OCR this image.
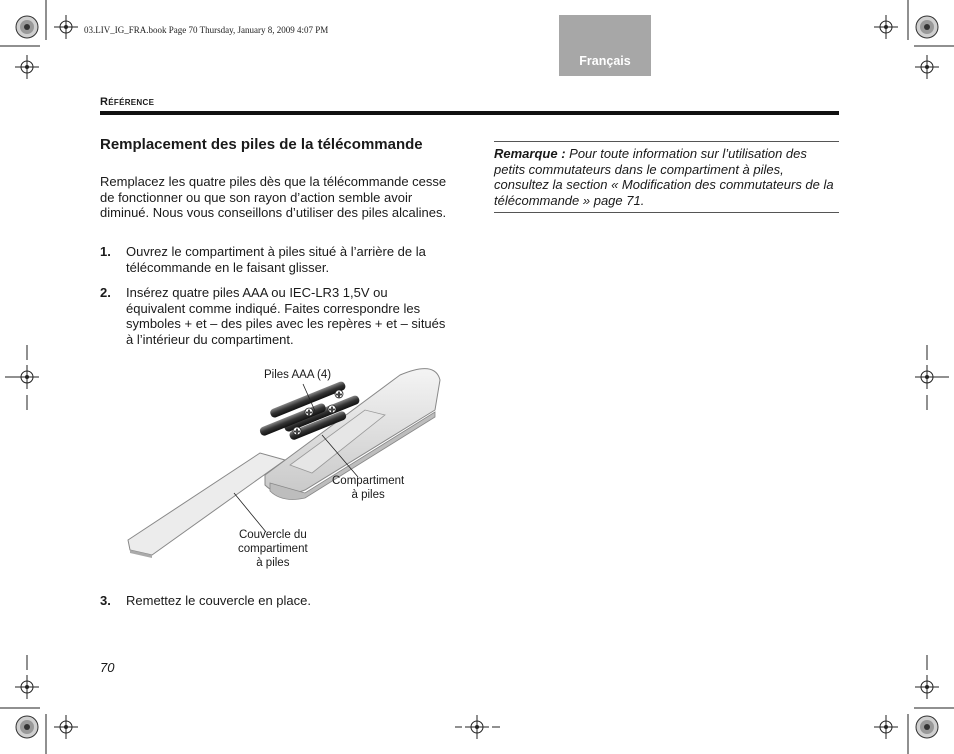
03.LIV_IG_FRA.book Page 70 Thursday, January 8, 2009 4:07 PM
Français
Référence
Remplacement des piles de la télécommande
Remplacez les quatre piles dès que la télécommande cesse de fonctionner ou que son rayon d’action semble avoir diminué. Nous vous conseillons d’utiliser des piles alcalines.
1. Ouvrez le compartiment à piles situé à l’arrière de la télécommande en le faisant glisser.
2. Insérez quatre piles AAA ou IEC-LR3 1,5V ou équivalent comme indiqué. Faites correspondre les symboles + et – des piles avec les repères + et – situés à l’intérieur du compartiment.
+
+
+
+
Piles AAA (4)
Compartiment
à piles
Couvercle du
compartiment
à piles
3. Remettez le couvercle en place.
Remarque : Pour toute information sur l’utilisation des petits commutateurs dans le compartiment à piles, consultez la section « Modification des commutateurs de la télécommande » page 71.
70
